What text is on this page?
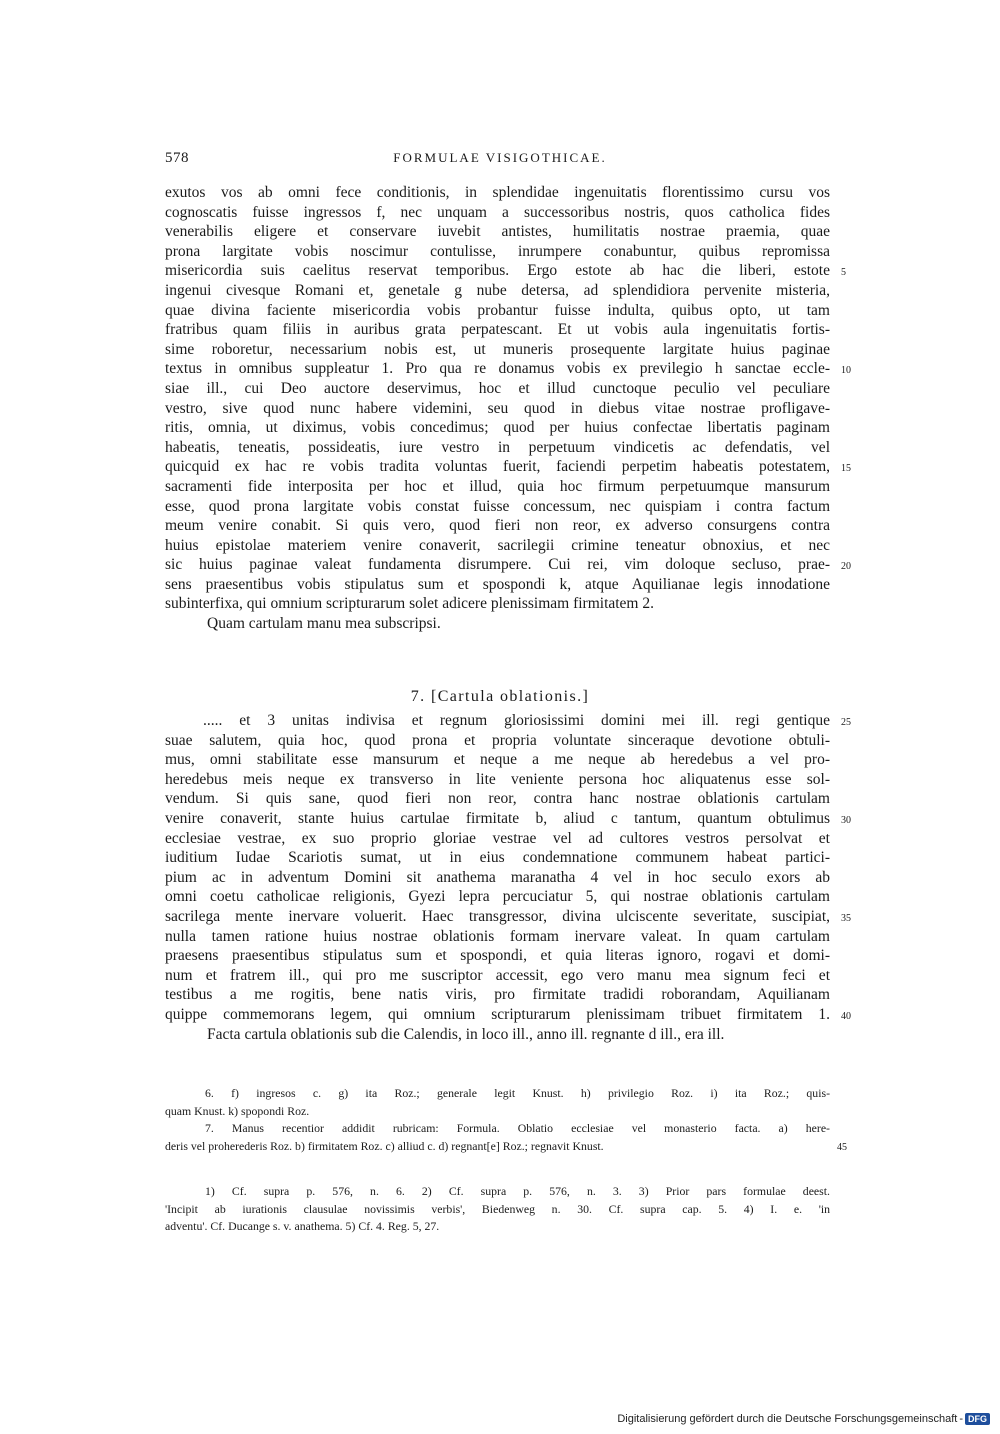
578	FORMULAE VISIGOTHICAE.
exutos vos ab omni fece conditionis, in splendidae ingenuitatis florentissimo cursu vos
cognoscatis fuisse ingressos f, nec unquam a successoribus nostris, quos catholica fides
venerabilis eligere et conservare iuvebit antistes, humilitatis nostrae praemia, quae
prona largitate vobis noscimur contulisse, inrumpere conabuntur, quibus repromissa
misericordia suis caelitus reservat temporibus. Ergo estote ab hac die liberi, estote 5
ingenui civesque Romani et, genetale g nube detersa, ad splendidiora pervenite misteria,
quae divina faciente misericordia vobis probantur fuisse indulta, quibus opto, ut tam
fratribus quam filiis in auribus grata perpatescant. Et ut vobis aula ingenuitatis fortis-
sime roboretur, necessarium nobis est, ut muneris prosequente largitate huius paginae
textus in omnibus suppleatur 1. Pro qua re donamus vobis ex previlegio h sanctae eccle- 10
siae ill., cui Deo auctore deservimus, hoc et illud cunctoque peculio vel peculiare
vestro, sive quod nunc habere videmini, seu quod in diebus vitae nostrae profligave-
ritis, omnia, ut diximus, vobis concedimus; quod per huius confectae libertatis paginam
habeatis, teneatis, possideatis, iure vestro in perpetuum vindicetis ac defendatis, vel
quicquid ex hac re vobis tradita voluntas fuerit, faciendi perpetim habeatis potestatem, 15
sacramenti fide interposita per hoc et illud, quia hoc firmum perpetuumque mansurum
esse, quod prona largitate vobis constat fuisse concessum, nec quispiam i contra factum
meum venire conabit. Si quis vero, quod fieri non reor, ex adverso consurgens contra
huius epistolae materiem venire conaverit, sacrilegii crimine teneatur obnoxius, et nec
sic huius paginae valeat fundamenta disrumpere. Cui rei, vim doloque secluso, prae- 20
sens praesentibus vobis stipulatus sum et spospondi k, atque Aquilianae legis innodatione
subinterfixa, qui omnium scripturarum solet adicere plenissimam firmitatem 2.
Quam cartulam manu mea subscripsi.
7. [Cartula oblationis.]
..... et 3 unitas indivisa et regnum gloriosissimi domini mei ill. regi gentique 25
suae salutem, quia hoc, quod prona et propria voluntate sinceraque devotione obtuli-
mus, omni stabilitate esse mansurum et neque a me neque ab heredebus a vel pro-
heredebus meis neque ex transverso in lite veniente persona hoc aliquatenus esse sol-
vendum. Si quis sane, quod fieri non reor, contra hanc nostrae oblationis cartulam
venire conaverit, stante huius cartulae firmitate b, aliud c tantum, quantum obtulimus 30
ecclesiae vestrae, ex suo proprio gloriae vestrae vel ad cultores vestros persolvat et
iuditium Iudae Scariotis sumat, ut in eius condemnatione communem habeat partici-
pium ac in adventum Domini sit anathema maranatha 4 vel in hoc seculo exors ab
omni coetu catholicae religionis, Gyezi lepra percuciatur 5, qui nostrae oblationis cartulam
sacrilega mente inervare voluerit. Haec transgressor, divina ulciscente severitate, suscipiat, 35
nulla tamen ratione huius nostrae oblationis formam inervare valeat. In quam cartulam
praesens praesentibus stipulatus sum et spospondi, et quia literas ignoro, rogavi et domi-
num et fratrem ill., qui pro me suscriptor accessit, ego vero manu mea signum feci et
testibus a me rogitis, bene natis viris, pro firmitate tradidi roborandam, Aquilianam
quippe commemorans legem, qui omnium scripturarum plenissimam tribuet firmitatem 1. 40
Facta cartula oblationis sub die Calendis, in loco ill., anno ill. regnante d ill., era ill.
6. f) ingresos c. g) ita Roz.; generale legit Knust. h) privilegio Roz. i) ita Roz.; quis-
quam Knust. k) spopondi Roz.
7. Manus recentior addidit rubricam: Formula. Oblatio ecclesiae vel monasterio facta. a) here-
deris vel proherederis Roz. b) firmitatem Roz. c) alliud c. d) regnant[e] Roz.; regnavit Knust.	45
1) Cf. supra p. 576, n. 6. 2) Cf. supra p. 576, n. 3. 3) Prior pars formulae deest.
'Incipit ab iurationis clausulae novissimis verbis', Biedenweg n. 30. Cf. supra cap. 5. 4) I. e. 'in
adventu'. Cf. Ducange s. v. anathema. 5) Cf. 4. Reg. 5, 27.
Digitalisierung gefördert durch die Deutsche Forschungsgemeinschaft - DFG
